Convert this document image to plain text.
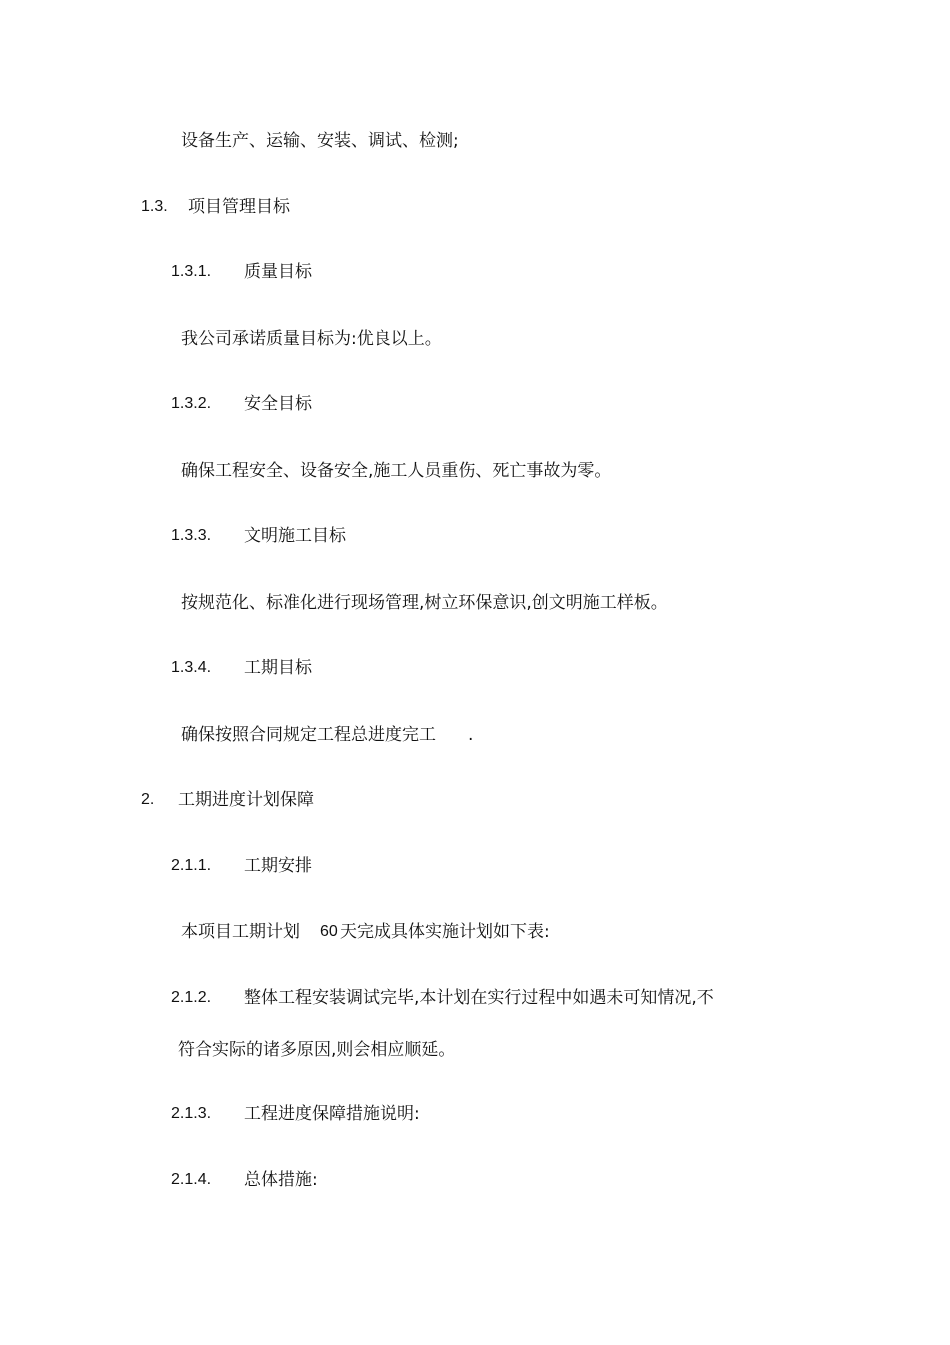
设备生产、运输、安装、调试、检测;
1.3. 项目管理目标
1.3.1. 质量目标
我公司承诺质量目标为:优良以上。
1.3.2. 安全目标
确保工程安全、设备安全,施工人员重伤、死亡事故为零。
1.3.3. 文明施工目标
按规范化、标准化进行现场管理,树立环保意识,创文明施工样板。
1.3.4. 工期目标
确保按照合同规定工程总进度完工 .
2. 工期进度计划保障
2.1.1. 工期安排
本项目工期计划 60 天完成具体实施计划如下表:
2.1.2. 整体工程安装调试完毕,本计划在实行过程中如遇未可知情况,不
符合实际的诸多原因,则会相应顺延。
2.1.3. 工程进度保障措施说明:
2.1.4. 总体措施:
